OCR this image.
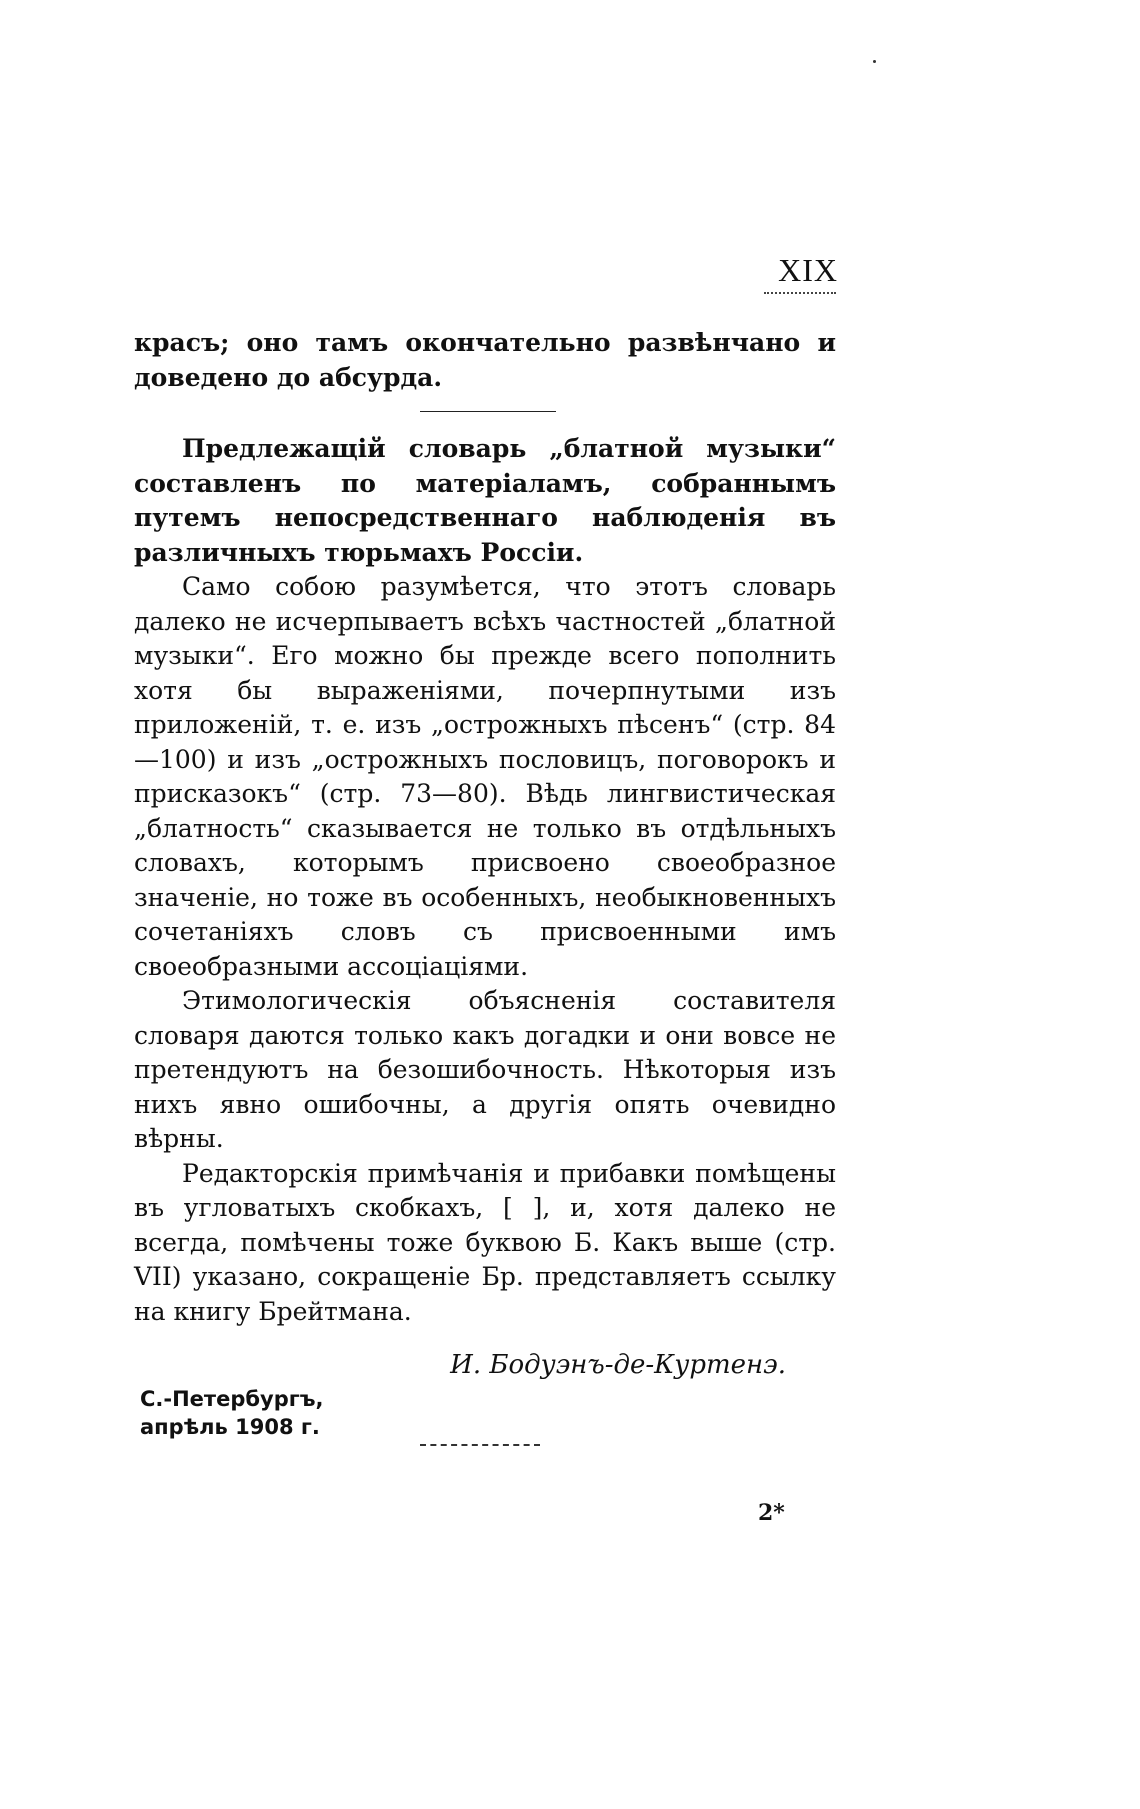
XIX

красъ; оно тамъ окончательно развѣнчано и доведено до абсурда.

Предлежащій словарь „блатной музыки“ составленъ по матеріаламъ, собраннымъ путемъ непосредственнаго наблюденія въ различныхъ тюрьмахъ Россіи.

Само собою разумѣется, что этотъ словарь далеко не исчерпываетъ всѣхъ частностей „блатной музыки“. Его можно бы прежде всего пополнить хотя бы выраженіями, почерпнутыми изъ приложеній, т. е. изъ „острожныхъ пѣсенъ“ (стр. 84—100) и изъ „острожныхъ пословицъ, поговорокъ и присказокъ“ (стр. 73—80). Вѣдь лингвистическая „блатность“ сказывается не только въ отдѣльныхъ словахъ, которымъ присвоено своеобразное значеніе, но тоже въ особенныхъ, необыкновенныхъ сочетаніяхъ словъ съ присвоенными имъ своеобразными ассоціаціями.

Этимологическія объясненія составителя словаря даются только какъ догадки и они вовсе не претендуютъ на безошибочность. Нѣкоторыя изъ нихъ явно ошибочны, а другія опять очевидно вѣрны.

Редакторскія примѣчанія и прибавки помѣщены въ угловатыхъ скобкахъ, [ ], и, хотя далеко не всегда, помѣчены тоже буквою Б. Какъ выше (стр. VII) указано, сокращеніе Бр. представляетъ ссылку на книгу Брейтмана.

И. Бодуэнъ-де-Куртенэ.
С.-Петербургъ,
апрѣль 1908 г.
2*
